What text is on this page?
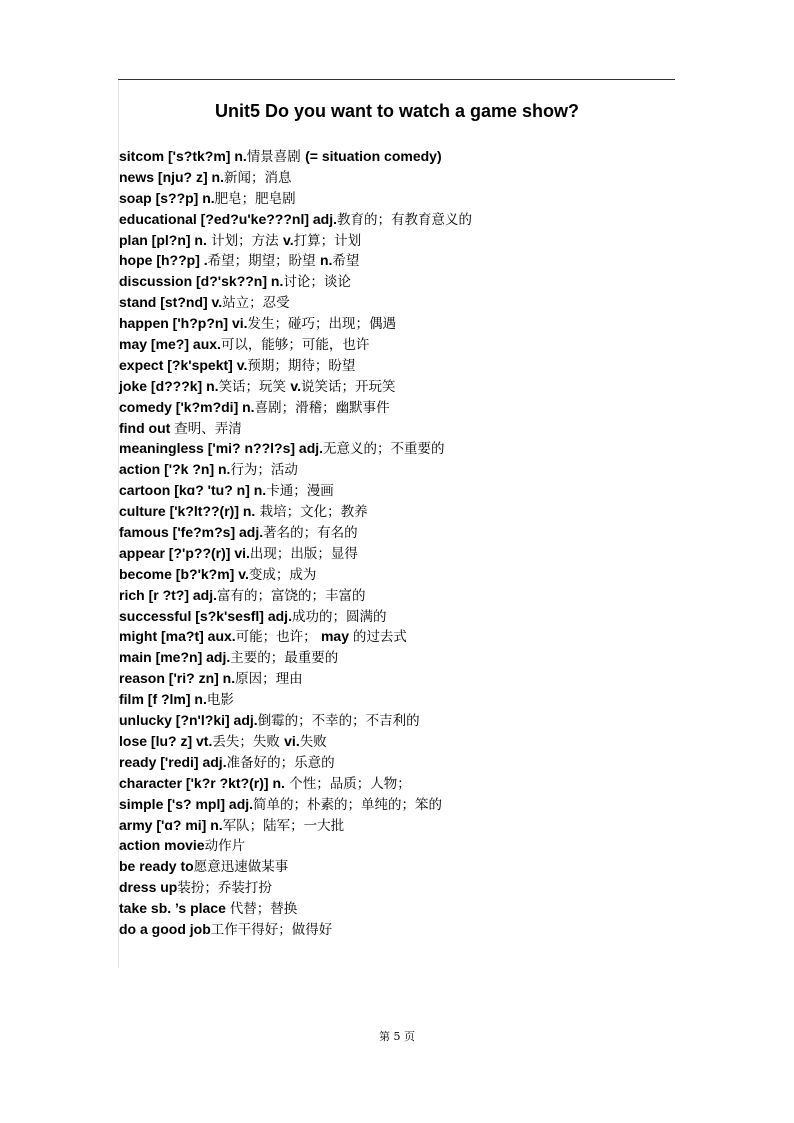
Unit5 Do you want to watch a game show?
sitcom ['s?tk?m] n.情景喜剧 (= situation comedy)
news [nju? z] n.新闻；消息
soap [s??p] n.肥皂；肥皂剧
educational [?ed?u'ke???nl] adj.教育的；有教育意义的
plan [pl?n] n. 计划；方法 v.打算；计划
hope [h??p] .希望；期望；盼望 n.希望
discussion [d?'sk??n] n.讨论；谈论
stand [st?nd] v.站立；忍受
happen ['h?p?n] vi.发生；碰巧；出现；偶遇
may [me?] aux.可以，能够；可能，也许
expect [?k'spekt] v.预期；期待；盼望
joke [d???k] n.笑话；玩笑 v.说笑话；开玩笑
comedy ['k?m?di] n.喜剧；滑稽；幽默事件
find out 查明、弄清
meaningless ['mi? n??l?s] adj.无意义的；不重要的
action ['?k ?n] n.行为；活动
cartoon [kɑ? 'tu? n] n.卡通；漫画
culture ['k?lt??(r)] n. 栽培；文化；教养
famous ['fe?m?s] adj.著名的；有名的
appear [?'p??(r)] vi.出现；出版；显得
become [b?'k?m] v.变成；成为
rich [r ?t?] adj.富有的；富饶的；丰富的
successful [s?k'sesfl] adj.成功的；圆满的
might [ma?t] aux.可能；也许； may 的过去式
main [me?n] adj.主要的；最重要的
reason ['ri? zn] n.原因；理由
film [f ?lm] n.电影
unlucky [?n'l?ki] adj.倒霉的；不幸的；不吉利的
lose [lu? z] vt.丢失；失败 vi.失败
ready ['redi] adj.准备好的；乐意的
character ['k?r ?kt?(r)] n. 个性；品质；人物；
simple ['s? mpl] adj.简单的；朴素的；单纯的；笨的
army ['ɑ? mi] n.军队；陆军；一大批
action movie动作片
be ready to愿意迅速做某事
dress up装扮；乔装打扮
take sb. ’s place 代替；替换
do a good job工作干得好；做得好
第 5 页
